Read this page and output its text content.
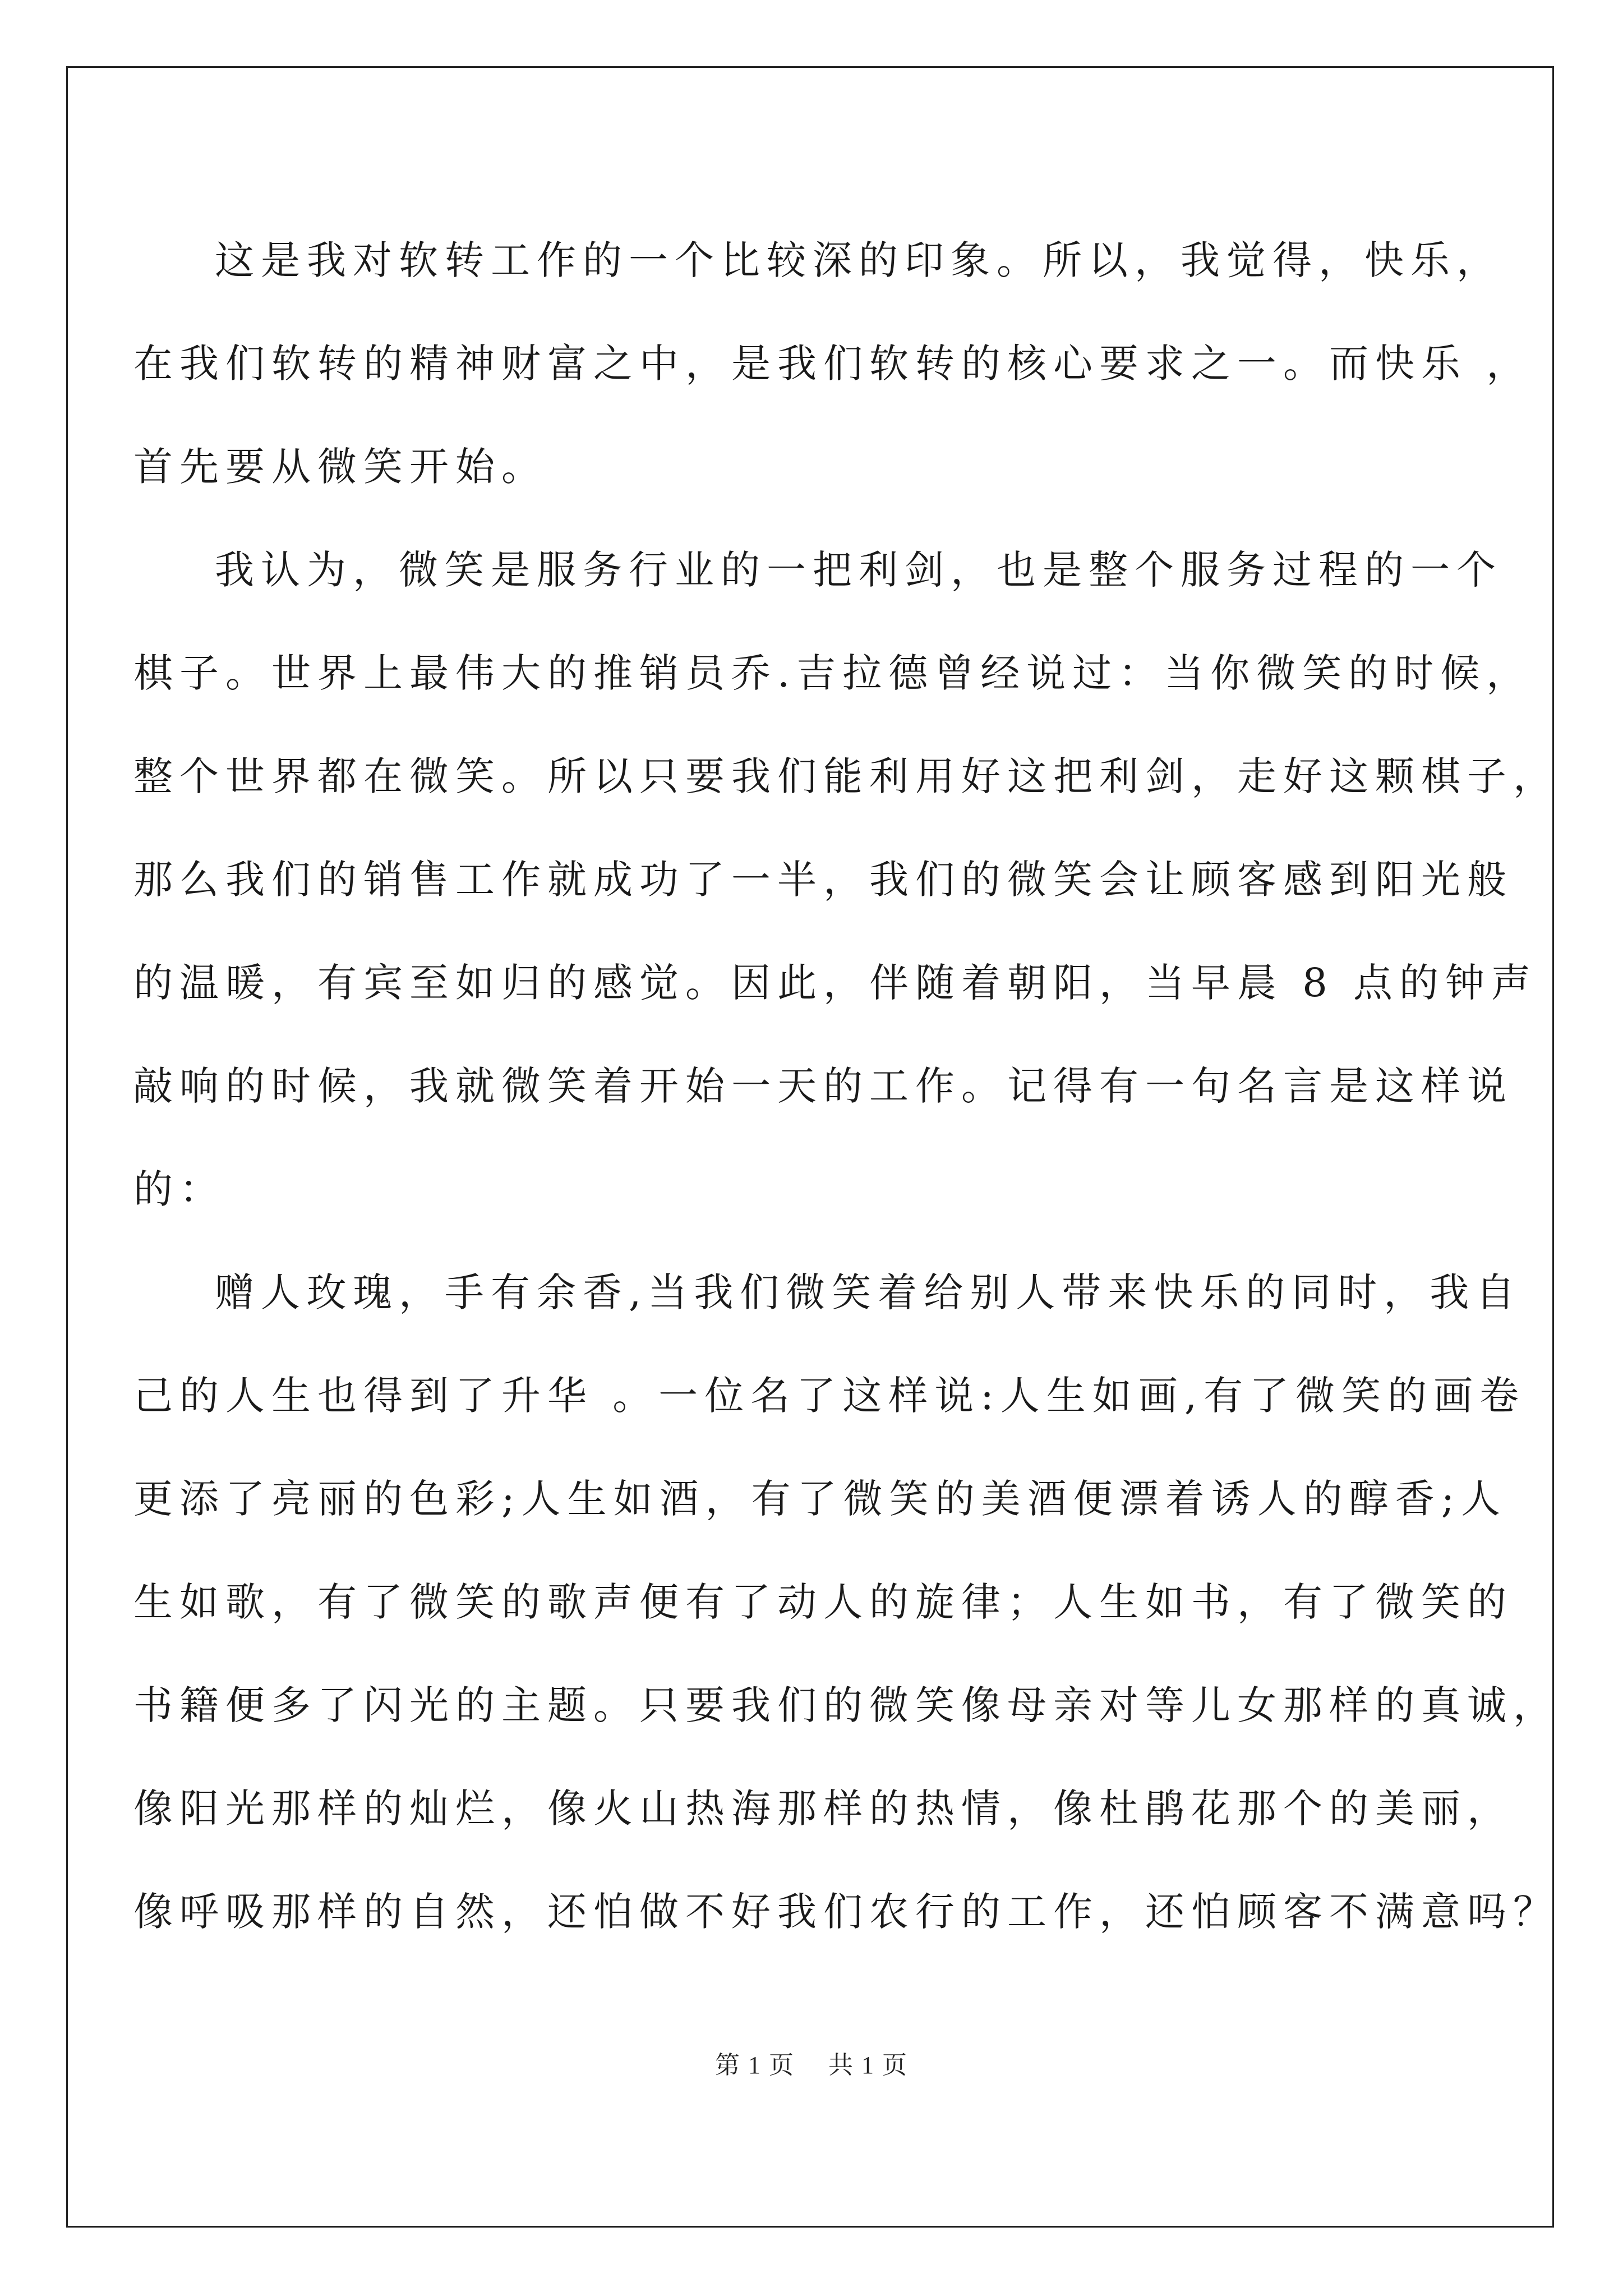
这是我对软转工作的一个比较深的印象。所以，我觉得，快乐，
在我们软转的精神财富之中，是我们软转的核心要求之一。而快乐 ，
首先要从微笑开始。
我认为，微笑是服务行业的一把利剑，也是整个服务过程的一个
棋子。世界上最伟大的推销员乔.吉拉德曾经说过：当你微笑的时候，
整个世界都在微笑。所以只要我们能利用好这把利剑，走好这颗棋子，
那么我们的销售工作就成功了一半，我们的微笑会让顾客感到阳光般
的温暖，有宾至如归的感觉。因此，伴随着朝阳，当早晨 8 点的钟声
敲响的时候，我就微笑着开始一天的工作。记得有一句名言是这样说
的：
赠人玫瑰，手有余香,当我们微笑着给别人带来快乐的同时，我自
己的人生也得到了升华 。一位名了这样说:人生如画,有了微笑的画卷
更添了亮丽的色彩;人生如酒，有了微笑的美酒便漂着诱人的醇香;人
生如歌，有了微笑的歌声便有了动人的旋律；人生如书，有了微笑的
书籍便多了闪光的主题。只要我们的微笑像母亲对等儿女那样的真诚，
像阳光那样的灿烂，像火山热海那样的热情，像杜鹃花那个的美丽，
像呼吸那样的自然，还怕做不好我们农行的工作，还怕顾客不满意吗？
第 1 页 共 1 页
